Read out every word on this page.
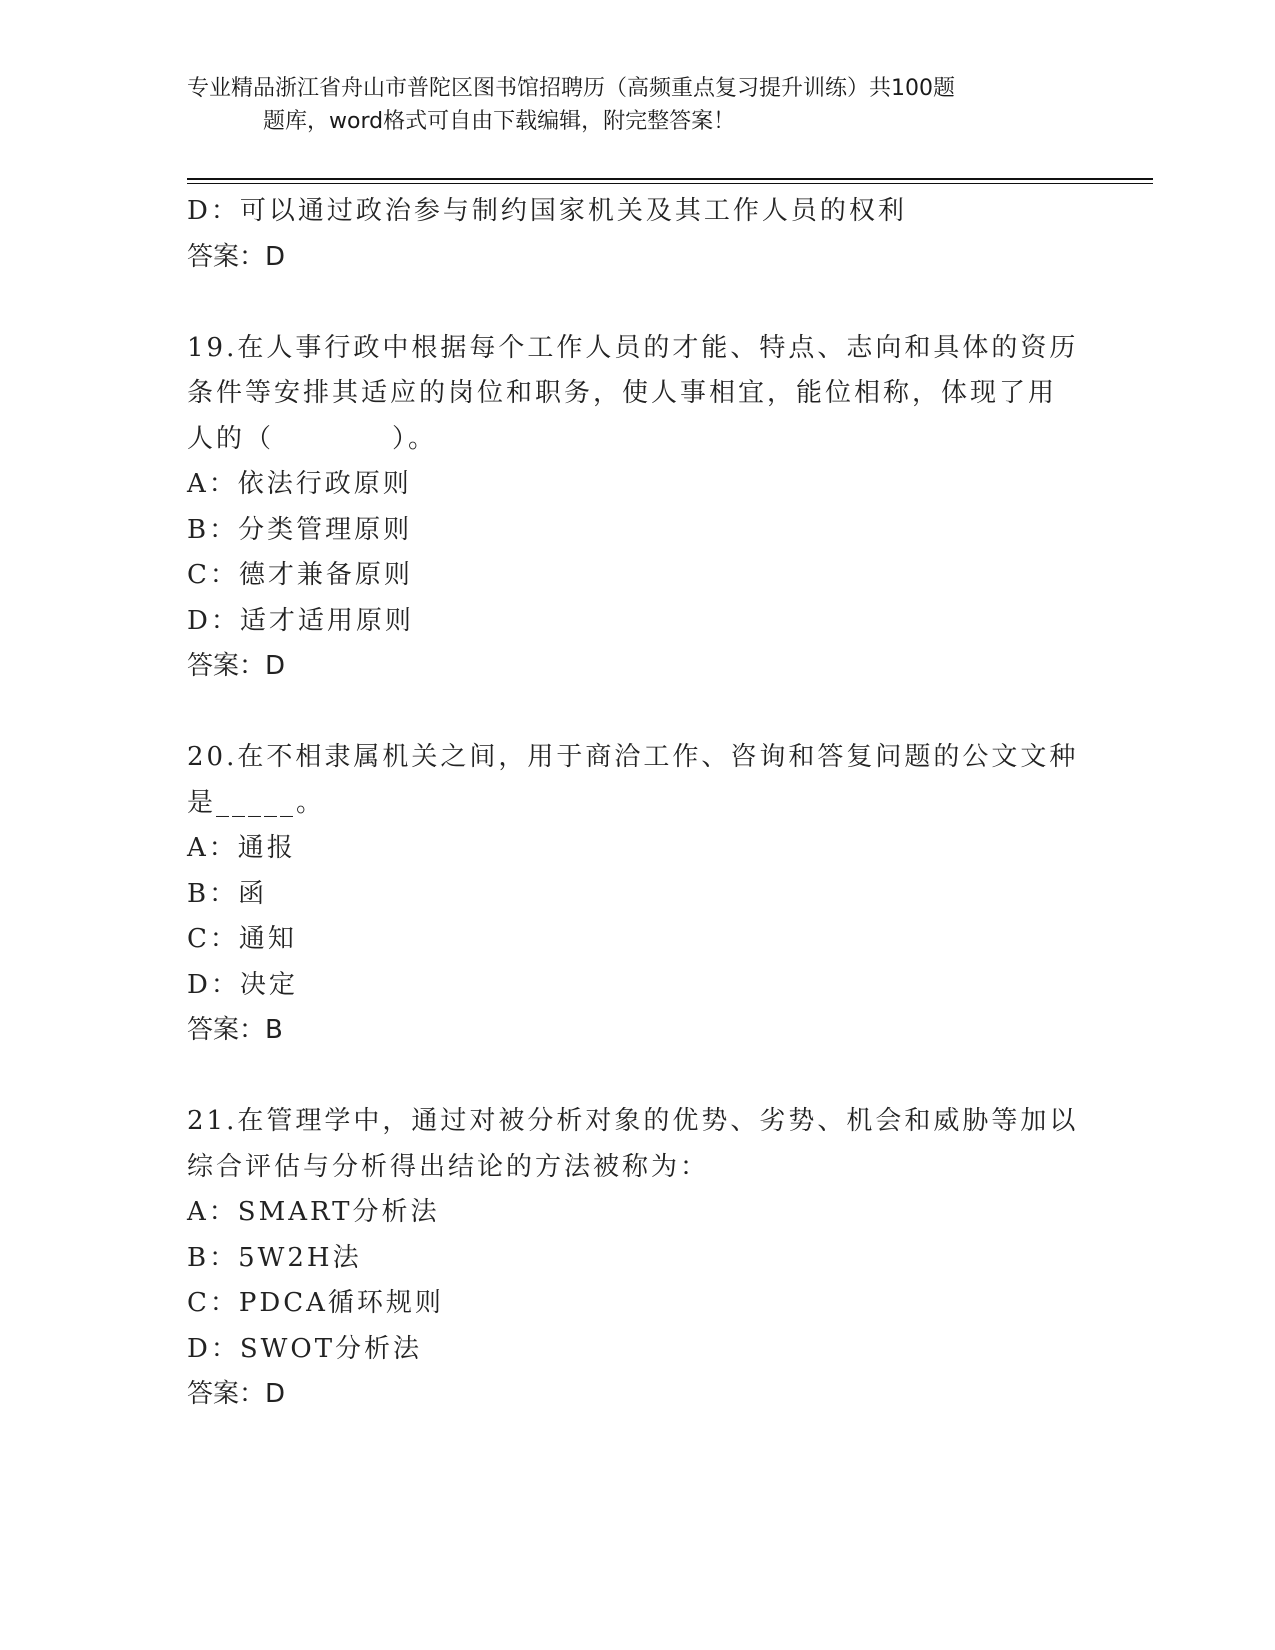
专业精品浙江省舟山市普陀区图书馆招聘历（高频重点复习提升训练）共100题
题库，word格式可自由下载编辑，附完整答案！
D：可以通过政治参与制约国家机关及其工作人员的权利
答案：D
19.在人事行政中根据每个工作人员的才能、特点、志向和具体的资历
条件等安排其适应的岗位和职务，使人事相宜，能位相称，体现了用
人的（	）。
A：依法行政原则
B：分类管理原则
C：德才兼备原则
D：适才适用原则
答案：D
20.在不相隶属机关之间，用于商洽工作、咨询和答复问题的公文文种
是_____。
A：通报
B：函
C：通知
D：决定
答案：B
21.在管理学中，通过对被分析对象的优势、劣势、机会和威胁等加以
综合评估与分析得出结论的方法被称为：
A：SMART分析法
B：5W2H法
C：PDCA循环规则
D：SWOT分析法
答案：D
